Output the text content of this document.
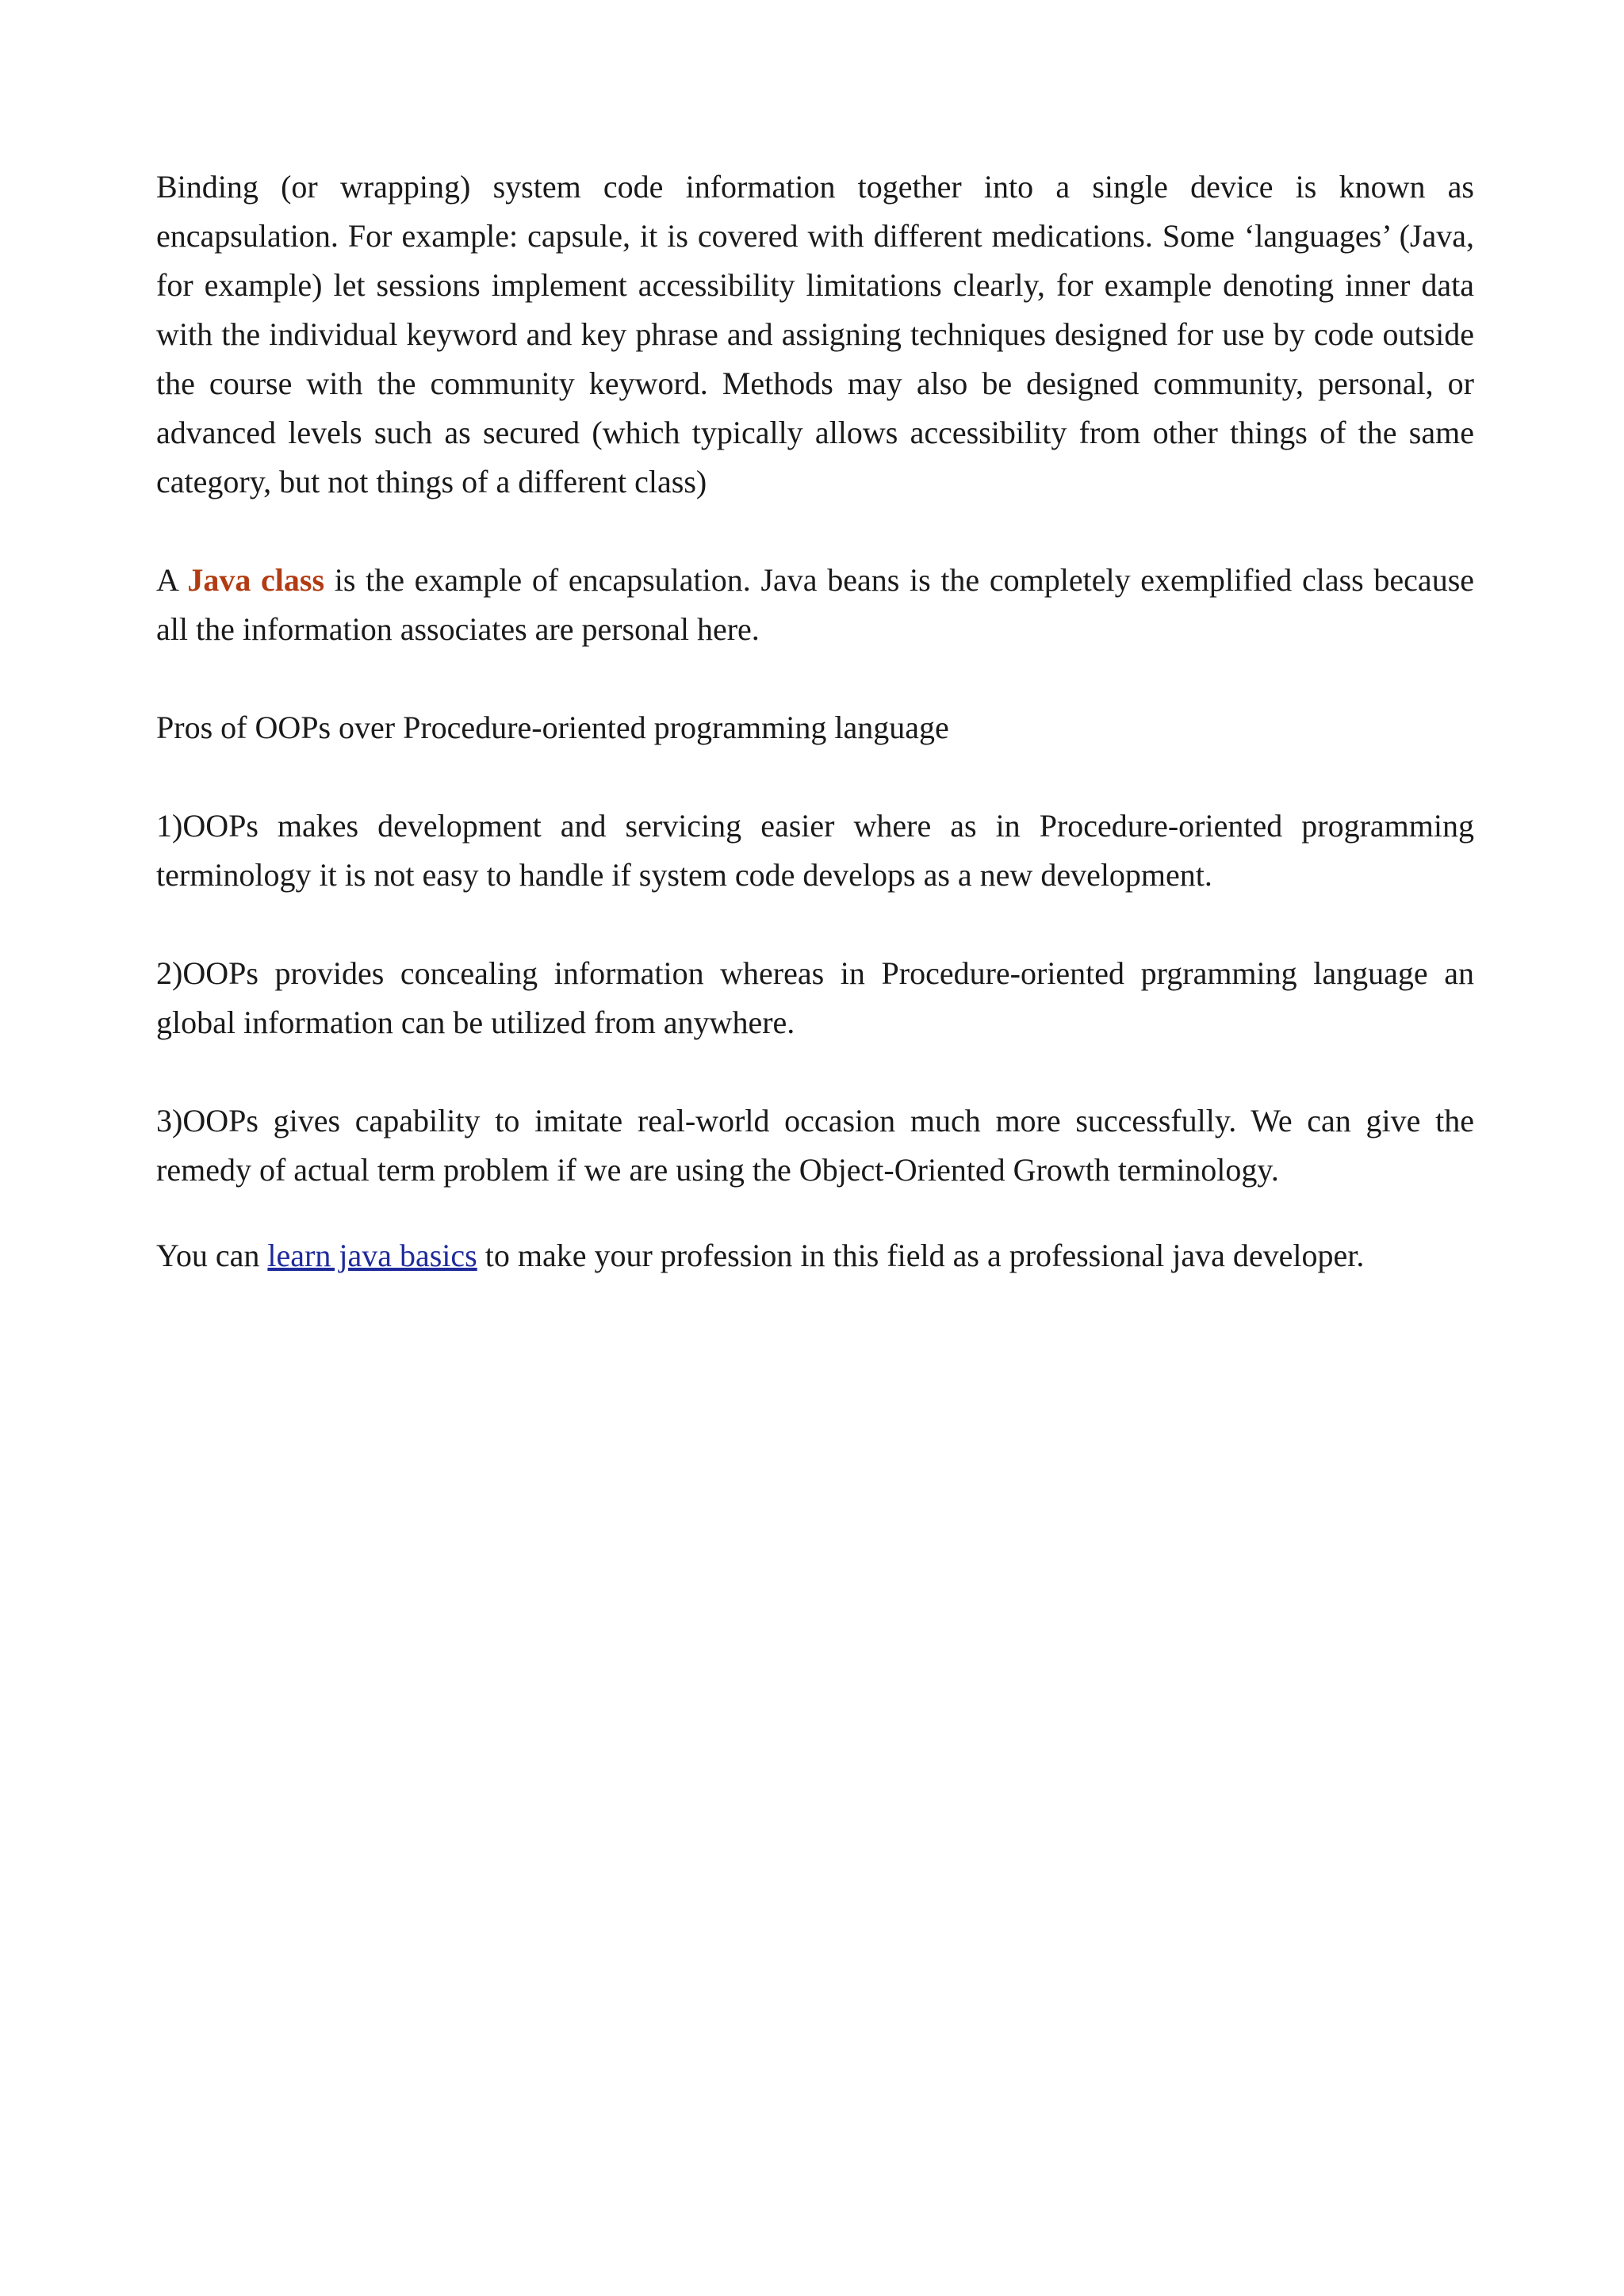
Binding (or wrapping) system code information together into a single device is known as encapsulation. For example: capsule, it is covered with different medications. Some ‘languages’ (Java, for example) let sessions implement accessibility limitations clearly, for example denoting inner data with the individual keyword and key phrase and assigning techniques designed for use by code outside the course with the community keyword. Methods may also be designed community, personal, or advanced levels such as secured (which typically allows accessibility from other things of the same category, but not things of a different class)

A Java class is the example of encapsulation. Java beans is the completely exemplified class because all the information associates are personal here.

Pros of OOPs over Procedure-oriented programming language

1)OOPs makes development and servicing easier where as in Procedure-oriented programming terminology it is not easy to handle if system code develops as a new development.

2)OOPs provides concealing information whereas in Procedure-oriented prgramming language an global information can be utilized from anywhere.

3)OOPs gives capability to imitate real-world occasion much more successfully. We can give the remedy of actual term problem if we are using the Object-Oriented Growth terminology.

You can learn java basics to make your profession in this field as a professional java developer.
